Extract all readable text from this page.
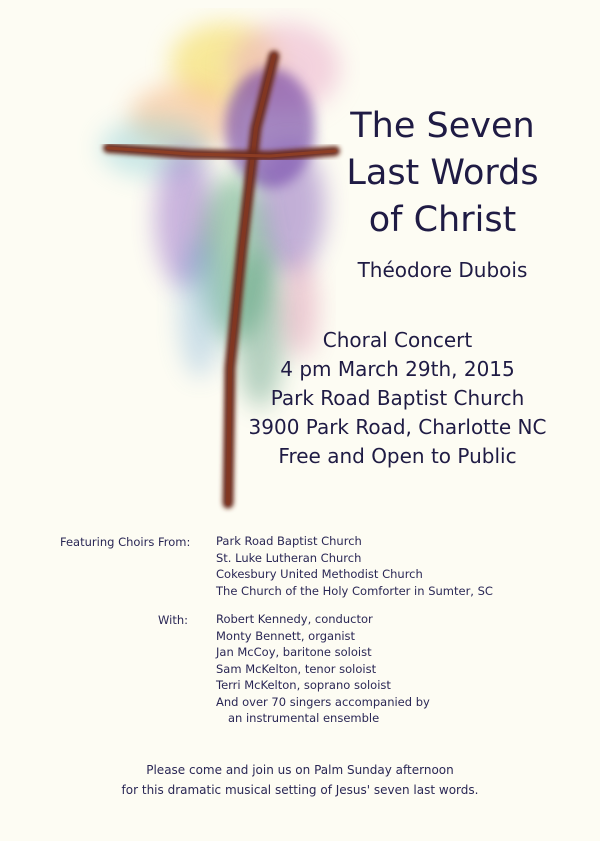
The Seven
Last Words
of Christ
Théodore Dubois
Choral Concert
4 pm March 29th, 2015
Park Road Baptist Church
3900 Park Road, Charlotte NC
Free and Open to Public
Featuring Choirs From: Park Road Baptist Church
St. Luke Lutheran Church
Cokesbury United Methodist Church
The Church of the Holy Comforter in Sumter, SC
With: Robert Kennedy, conductor
Monty Bennett, organist
Jan McCoy, baritone soloist
Sam McKelton, tenor soloist
Terri McKelton, soprano soloist
And over 70 singers accompanied by
an instrumental ensemble
Please come and join us on Palm Sunday afternoon
for this dramatic musical setting of Jesus' seven last words.
